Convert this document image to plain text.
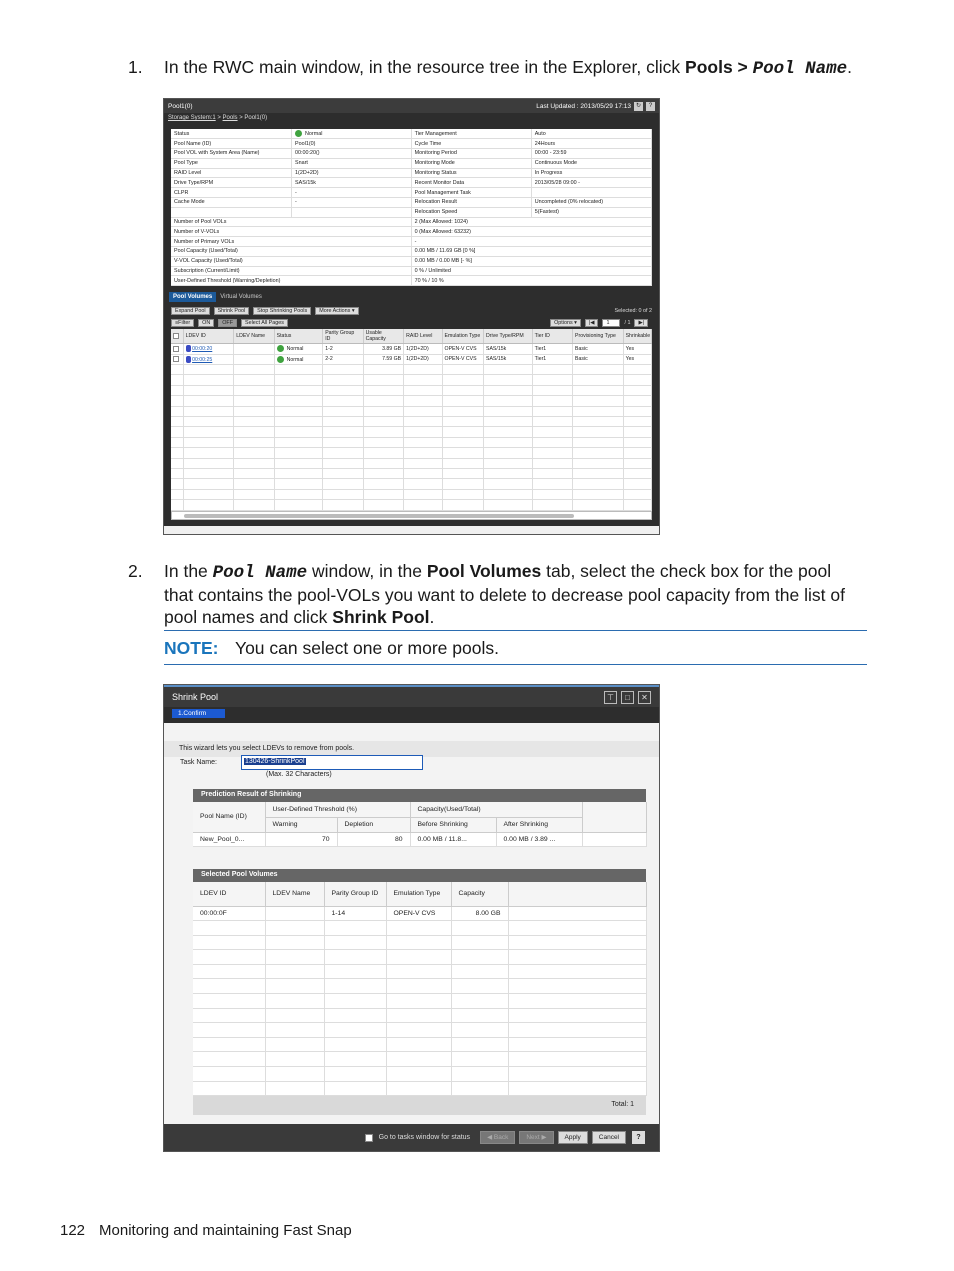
1. In the RWC main window, in the resource tree in the Explorer, click Pools > Pool Name.
Pool1(0)	Last Updated : 2013/05/29 17:13 ↻	?
Storage System:1 > Pools > Pool1(0)
Status	Normal	Tier Management	Auto
Pool Name (ID)	Pool1(0)	Cycle Time	24Hours
Pool VOL with System Area (Name)	00:00:20()	Monitoring Period	00:00 - 23:59
Pool Type	Snart	Monitoring Mode	Continuous Mode
RAID Level	1(2D+2D)	Monitoring Status	In Progress
Drive Type/RPM	SAS/15k	Recent Monitor Data	2013/05/28 09:00 -
CLPR	-	Pool Management Task	
Cache Mode	-	Relocation Result	Uncompleted (0% relocated)
		Relocation Speed	5(Fastest)
Number of Pool VOLs		2 (Max Allowed: 1024)	
Number of V-VOLs		0 (Max Allowed: 63232)	
Number of Primary VOLs		-	
Pool Capacity (Used/Total)		0.00 MB / 11.69 GB [0 %]	
V-VOL Capacity (Used/Total)		0.00 MB / 0.00 MB [- %]	
Subscription (Current/Limit)		0 % / Unlimited	
User-Defined Threshold (Warning/Depletion)		70 % / 10 %	
Pool Volumes	Virtual Volumes
Expand Pool	Shrink Pool	Stop Shrinking Pools	More Actions ▾	Selected: 0 of 2
≡Filter	ON	OFF	Select All Pages	Options ▾	|◀	1	/ 1	▶|
	LDEV ID	LDEV Name	Status	Parity Group ID	Usable Capacity	RAID Level	Emulation Type	Drive Type/RPM	Tier ID	Provisioning Type	Shrinkable
	00:00:20		Normal	1-2	3.89 GB	1(2D+2D)	OPEN-V CVS	SAS/15k	Tier1	Basic	Yes
	00:00:25		Normal	2-2	7.59 GB	1(2D+2D)	OPEN-V CVS	SAS/15k	Tier1	Basic	Yes

2. In the Pool Name window, in the Pool Volumes tab, select the check box for the pool that contains the pool-VOLs you want to delete to decrease pool capacity from the list of pool names and click Shrink Pool.
NOTE: You can select one or more pools.
Shrink Pool	⊤	□	✕
1.Confirm
This wizard lets you select LDEVs to remove from pools.
Task Name:	130426-ShrinkPool
(Max. 32 Characters)
Prediction Result of Shrinking
Pool Name (ID)	User-Defined Threshold (%)		Capacity(Used/Total)		
	Warning	Depletion	Before Shrinking	After Shrinking	
New_Pool_0...	70	80	0.00 MB / 11.8...	0.00 MB / 3.89 ...	
Selected Pool Volumes
LDEV ID	LDEV Name	Parity Group ID	Emulation Type	Capacity	
00:00:0F		1-14	OPEN-V CVS	8.00 GB	

Total: 1
Go to tasks window for status	◀ Back	Next ▶	Apply	Cancel	?
122 Monitoring and maintaining Fast Snap
